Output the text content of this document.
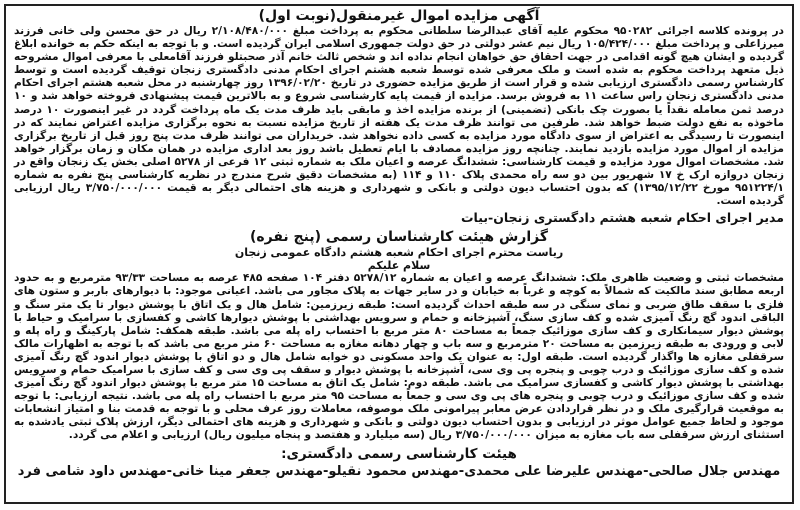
آگهی مزایده اموال غیرمنقول(نوبت اول)

در پرونده کلاسه اجرائی ۹۵۰۲۸۲ محکوم علیه آقای عبدالرضا سلطانی محکوم به پرداخت مبلغ ۲/۱۰۸/۴۸۰/۰۰۰ ریال در حق محسن ولی خانی فرزند میرزاعلی و پرداخت مبلغ ۱۰۵/۴۲۴/۰۰۰ ریال نیم عشر دولتی در حق دولت جمهوری اسلامی ایران گردیده است. و با توجه به اینکه حکم به خوانده ابلاغ گردیده و ایشان هیچ گونه اقدامی در جهت احقاق حق خواهان انجام نداده اند و شخص ثالث خانم آذر صحبتلو فرزند آقامعلی با معرفی اموال مشروحه ذیل متعهد پرداخت محکوم به شده است و ملک معرفی شده توسط شعبه هشتم اجرای احکام مدنی دادگستری زنجان توقیف گردیده است و توسط کارشناس رسمی دادگستری ارزیابی شده و قرار است از طریق مزایده حضوری در تاریخ ۱۳۹۶/۰۲/۲۰ روز چهارشنبه در محل شعبه هشتم اجرای احکام مدنی دادگستری زنجان راس ساعت ۱۱ به فروش برسد. مزایده از قیمت پایه کارشناسی شروع و به بالاترین قیمت پیشنهادی فروخته خواهد شد و ۱۰ درصد ثمن معامله نقداً یا بصورت چک بانکی (تضمینی) از برنده مزایده اخذ و مابقی باید ظرف مدت یک ماه پرداخت گردد در غیر اینصورت ۱۰ درصد ماخوذه به نفع دولت ضبط خواهد شد. طرفین می توانند ظرف مدت یک هفته از تاریخ مزایده نسبت به نحوه برگزاری مزایده اعتراض نمایند که در اینصورت تا رسیدگی به اعتراض از سوی دادگاه مورد مزایده به کسی داده نخواهد شد. خریداران می توانند ظرف مدت پنج روز قبل از تاریخ برگزاری مزایده از اموال مورد مزایده بازدید نمایند. چنانچه روز مزایده مصادف با ایام تعطیل باشد روز بعد اداری مزایده در همان مکان و زمان برگزار خواهد شد. مشخصات اموال مورد مزایده و قیمت کارشناسی: ششدانگ عرصه و اعیان ملک به شماره ثبتی ۱۲ فرعی از ۵۲۷۸ اصلی بخش یک زنجان واقع در زنجان دروازه ارک خ ۱۷ شهریور بین دو سه راه محمدی پلاک ۱۱۰ و ۱۱۴ (به مشخصات دقیق شرح مندرج در نظریه کارشناسی پنج نفره به شماره ۹۵۱۲۲۴/۱ مورخ ۱۳۹۵/۱۲/۲۲) که بدون احتساب دیون دولتی و بانکی و شهرداری و هزینه های احتمالی دیگر به قیمت ۳/۷۵۰/۰۰۰/۰۰۰ ریال ارزیابی گردیده است.

مدیر اجرای احکام شعبه هشتم دادگستری زنجان-بیات

گزارش هیئت کارشناسان رسمی (پنج نفره)

ریاست محترم اجرای احکام شعبه هشتم دادگاه عمومی زنجان

سلام علیکم

مشخصات ثبتی و وضعیت ظاهری ملک: ششدانگ عرصه و اعیان به شماره ۵۲۷۸/۱۲ دفتر ۱۰۴ صفحه ۴۸۵ عرصه به مساحت ۹۳/۳۳ مترمربع و به حدود اربعه مطابق سند مالکیت که شمالاً به کوچه و غرباً به خیابان و در سایر جهات به پلاک مجاور می باشد. اعیانی موجود: با دیوارهای باربر و ستون های فلزی با سقف طاق ضربی و نمای سنگی در سه طبقه احداث گردیده است: طبقه زیرزمین: شامل هال و یک اتاق با پوشش دیوار تا یک متر سنگ و الباقی اندود گچ رنگ آمیزی شده و کف سازی سنگ، آشپزخانه و حمام و سرویس بهداشتی با پوشش دیوارها کاشی و کفسازی با سرامیک و حیاط با پوشش دیوار سیمانکاری و کف سازی موزائیک جمعاً به مساحت ۸۰ متر مربع با احتساب راه پله می باشد. طبقه همکف: شامل پارکینگ و راه پله و لابی و ورودی به طبقه زیرزمین به مساحت ۲۰ مترمربع و سه باب و چهار دهانه مغازه به مساحت ۶۰ متر مربع می باشد که با توجه به اظهارات مالک سرقفلی مغازه ها واگذار گردیده است. طبقه اول: به عنوان یک واحد مسکونی دو خوابه شامل هال و دو اتاق با پوشش دیوار اندود گچ رنگ آمیزی شده و کف سازی موزائیک و درب چوبی و پنجره پی وی سی، آشپزخانه با پوشش دیوار و سقف پی وی سی و کف سازی با سرامیک حمام و سرویس بهداشتی با پوشش دیوار کاشی و کفسازی سرامیک می باشد. طبقه دوم: شامل یک اتاق به مساحت ۱۵ متر مربع با پوشش دیوار اندود گچ رنگ آمیزی شده و کف سازی موزائیک و درب چوبی و پنجره های پی وی سی و جمعاً به مساحت ۹۵ متر مربع با احتساب راه پله می باشد. نتیجه ارزیابی: با توجه به موقعیت قرارگیری ملک و در نظر قراردادن عرض معابر پیرامونی ملک موصوفه، معاملات روز عرف محلی و با توجه به قدمت بنا و امتیاز انشعابات موجود و لحاظ جمیع عوامل موثر در ارزیابی و بدون احتساب دیون دولتی و بانکی و شهرداری و هزینه های احتمالی دیگر، ارزش پلاک ثبتی یادشده به استثنای ارزش سرقفلی سه باب مغازه به میزان ۳/۷۵۰/۰۰۰/۰۰۰ ریال (سه میلیارد و هفتصد و پنجاه میلیون ریال) ارزیابی و اعلام می گردد.

هیئت کارشناسی رسمی دادگستری:

مهندس جلال صالحی-مهندس علیرضا علی محمدی-مهندس محمود نقیلو-مهندس جعفر مینا خانی-مهندس داود شامی فرد
